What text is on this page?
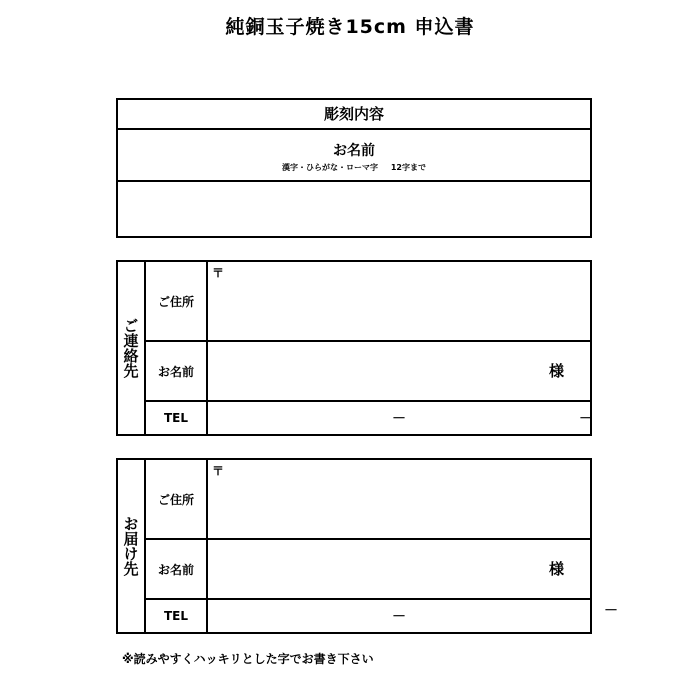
純銅玉子焼き15cm 申込書
彫刻内容
お名前
漢字・ひらがな・ローマ字 12字まで
ご連絡先
ご住所
お名前
TEL
〒
様
－	－
お届け先
ご住所
お名前
TEL
〒
様
－	－
※読みやすくハッキリとした字でお書き下さい
